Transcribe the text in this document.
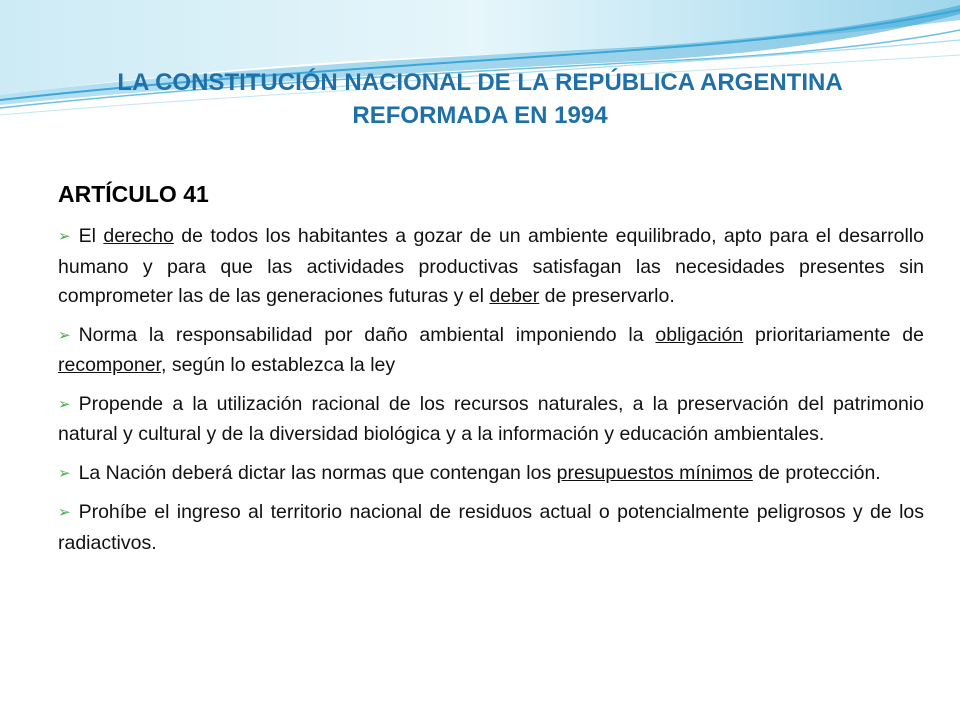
LA CONSTITUCIÓN NACIONAL DE LA REPÚBLICA ARGENTINA
REFORMADA EN 1994
ARTÍCULO 41

➢ El derecho de todos los habitantes a gozar de un ambiente equilibrado, apto para el desarrollo humano y para que las actividades productivas satisfagan las necesidades presentes sin comprometer las de las generaciones futuras y el deber de preservarlo.

➢ Norma la responsabilidad por daño ambiental imponiendo la obligación prioritariamente de recomponer, según lo establezca la ley

➢ Propende a la utilización racional de los recursos naturales, a la preservación del patrimonio natural y cultural y de la diversidad biológica y a la información y educación ambientales.

➢ La Nación deberá dictar las normas que contengan los presupuestos mínimos de protección.

➢ Prohíbe el ingreso al territorio nacional de residuos actual o potencialmente peligrosos y de los radiactivos.
